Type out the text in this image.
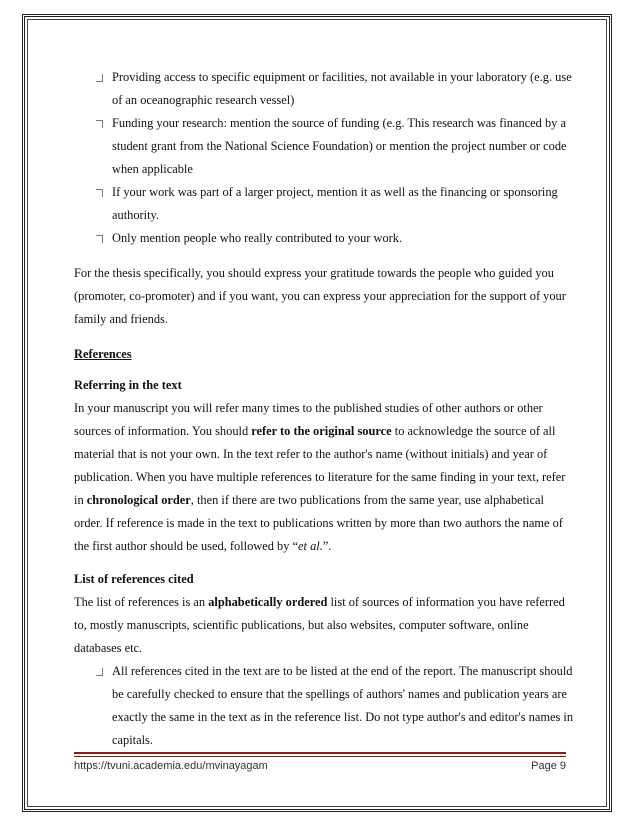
Providing access to specific equipment or facilities, not available in your laboratory (e.g. use of an oceanographic research vessel)
Funding your research: mention the source of funding (e.g. This research was financed by a student grant from the National Science Foundation) or mention the project number or code when applicable
If your work was part of a larger project, mention it as well as the financing or sponsoring authority.
Only mention people who really contributed to your work.
For the thesis specifically, you should express your gratitude towards the people who guided you (promoter, co-promoter) and if you want, you can express your appreciation for the support of your family and friends.
References
Referring in the text
In your manuscript you will refer many times to the published studies of other authors or other sources of information. You should refer to the original source to acknowledge the source of all material that is not your own. In the text refer to the author's name (without initials) and year of publication. When you have multiple references to literature for the same finding in your text, refer in chronological order, then if there are two publications from the same year, use alphabetical order. If reference is made in the text to publications written by more than two authors the name of the first author should be used, followed by “et al.”.
List of references cited
The list of references is an alphabetically ordered list of sources of information you have referred to, mostly manuscripts, scientific publications, but also websites, computer software, online databases etc.
All references cited in the text are to be listed at the end of the report. The manuscript should be carefully checked to ensure that the spellings of authors' names and publication years are exactly the same in the text as in the reference list. Do not type author's and editor's names in capitals.
https://tvuni.academia.edu/mvinayagam	Page 9
